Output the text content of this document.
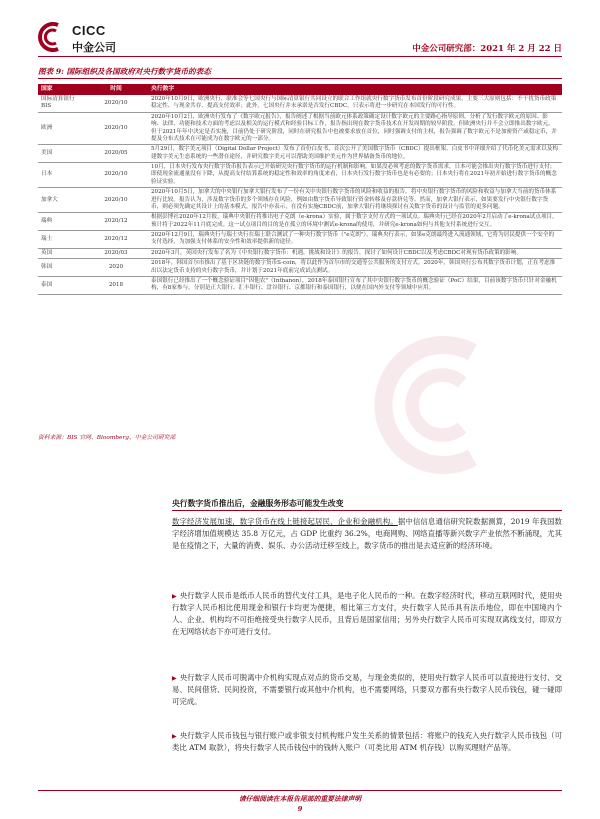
CICC
中金公司	中金公司研究部：2021 年 2 月 22 日
图表 9: 国际组织及各国政府对央行数字货币的表态
国家	时间	央行数字
国际清算银行BIS	2020/10	2020年10月9日，欧洲央行、联准会等七国央行与国际清算银行共同设立的联合工作组就央行数字货币发布首份阶段研究成果，主要三大原则包括：不干扰货币政策稳定性、与现金共存、提高支付效率；此外，七国央行并未承诺是否发行CBDC，只表示将进一步研究在本国发行的可行性。
欧洲	2020/10	2020年10月2日，欧洲央行发布了《数字欧元报告》，报告阐述了根据当前欧元体系政策确定设计数字欧元的主要路心指导原则，分析了发行数字欧元的原因、影响、法律、功能和技术方面的考虑以及相关的运行模式和经验目标工作，报告指出现在数字货币技术在开发周期的较早阶段，但欧洲央行并不会立即推出数字欧元，但于2021年年中决定是否实施，目前仍处于研究阶段，同时在研究报告中也被要求放在首位，同时强调支付的主权，报告强调了数字欧元不是加密资产或稳定币，并提及分布式技术在可能成为在数字欧元的一部分。
美国	2020/05	5月29日，数字美元项目（Digital Dollar Project）发布了首份白皮书，首次公开了美国数字货币（CBDC）提出框架。白皮书中详细介绍了代币化美元需求以及构建数字美元生态系统的一些潜在途径，并研究数字美元可以帮助美国维护美元作为世界储备货币的地位。
日本	2020/10	10月，日本央行发布央行数字货币报告表示已开始研究央行数字货币的运行机制和影响，如果没必须考虑的数字货币需求，日本可能会推出央行数字货币进行支付；即使现金流通量没有下降，从提高支付结算系统的稳定性和效率的角度来看，日本央行发行数字货币也是有必要的；日本央行将在2021年初开始进行数字货币的概念验证实验。
加拿大	2020/10	2020年10月5日，加拿大的中央银行加拿大银行发布了一份有关中央银行数字货币的风险和收益的报告。将中央银行数字货币的风险和收益与加拿大当前的货币体系进行比较。报告认为，涉及数字货币的多个领域存在风险，例如由数字货币导致银行资金转移及存款挤兑等。然而，加拿大银行表示，如果要发行中央银行数字货币，则必须先确定其设计上的基本模式，报告中亦表示，在没有实施CBDC前，加拿大银行将继续探讨有关数字货币的设计与监管的更多问题。
瑞典	2020/12	根据彭博社2020年12月报，瑞典中央银行将推出电子克朗（e-krona）实验，属于数字支付方式的一项试点。瑞典央行已经在2020年2月启动了e-krona试点项目，预计将于2022年11月底完成。这一试点项目的目的是在孤立的环境中测试e-krona的使用，并研究e-krona如何与其他支付系统进行交互。
瑞士	2020/12	2020年12月9日，瑞典央行与瑞士央行在瑞士联合测试了一种央行数字货币（"e克朗"），瑞典央行表示，如果e克朗最终进入流通领域，它将为居民提供一个安全的支付选择，为加强支付体系的安全性和效率提供新的途径。
英国	2020/03	2020年3月，英国央行发布了名为《中央银行数字货币：机遇，挑战和设计》的报告，探讨了如何设计CBDC以及考虑CBDC对现有货币政策的影响。
韩国	2020	2018年，韩国首尔市推出了基于区块链的数字货币S-coin，将以此作为首尔市的交通等公共服务的支付方式。2020年，韩国央行公布其数字货币计划，正在考虑推出以法定货币支持的央行数字货币，并计划于2021年底前完成试点测试。
泰国	2018	泰国银行已经推出了一个概念验证项目"因他农"（Inthanon），2018年泰国银行宣布了其中央银行数字货币的概念验证（PoC）结果，目前该数字货币只针对金融机构，有8家参与，分别是正大银行、汇丰银行、盘谷银行、京都银行和泰国银行，以便在国内外支付等领域中应用。
资料来源：BIS 官网、Bloomberg、中金公司研究部
央行数字货币推出后，金融服务形态可能发生改变
数字经济发展加速，数字货币在线上链接起居民、企业和金融机构。据中信信息通信研究院数据测算，2019 年我国数字经济增加值规模达 35.8 万亿元，占 GDP 比重约 36.2%，电商网购、网络直播等新兴数字产业依然不断涌现，尤其是在疫情之下，大量的消费、娱乐、办公活动迁移至线上，数字货币的推出是去适应新的经济环境。
▶ 央行数字人民币是纸币人民币的替代支付工具，是电子化人民币的一种。在数字经济时代，移动互联网时代，使用央行数字人民币相比使用现金和银行卡均更为便捷，相比第三方支付，央行数字人民币具有法币地位，即在中国境内个人、企业、机构均不可拒绝接受央行数字人民币，且背后是国家信用；另外央行数字人民币可实现双离线支付，即双方在无网络状态下亦可进行支付。
▶ 央行数字人民币可脱离中介机构实现点对点的货币交易，与现金类似的，使用央行数字人民币可以直接进行支付、交易、民间借贷、民间投资，不需要银行或其他中介机构，也不需要网络，只要双方都有央行数字人民币钱包，碰一碰即可完成。
▶ 央行数字人民币钱包与银行账户或非银支付机构账户发生关系的情景包括：将账户的钱充入央行数字人民币钱包（可类比 ATM 取款），将央行数字人民币钱包中的钱转入账户（可类比用 ATM 机存钱）以购买理财产品等。
请仔细阅读在本报告尾部的重要法律声明
9
